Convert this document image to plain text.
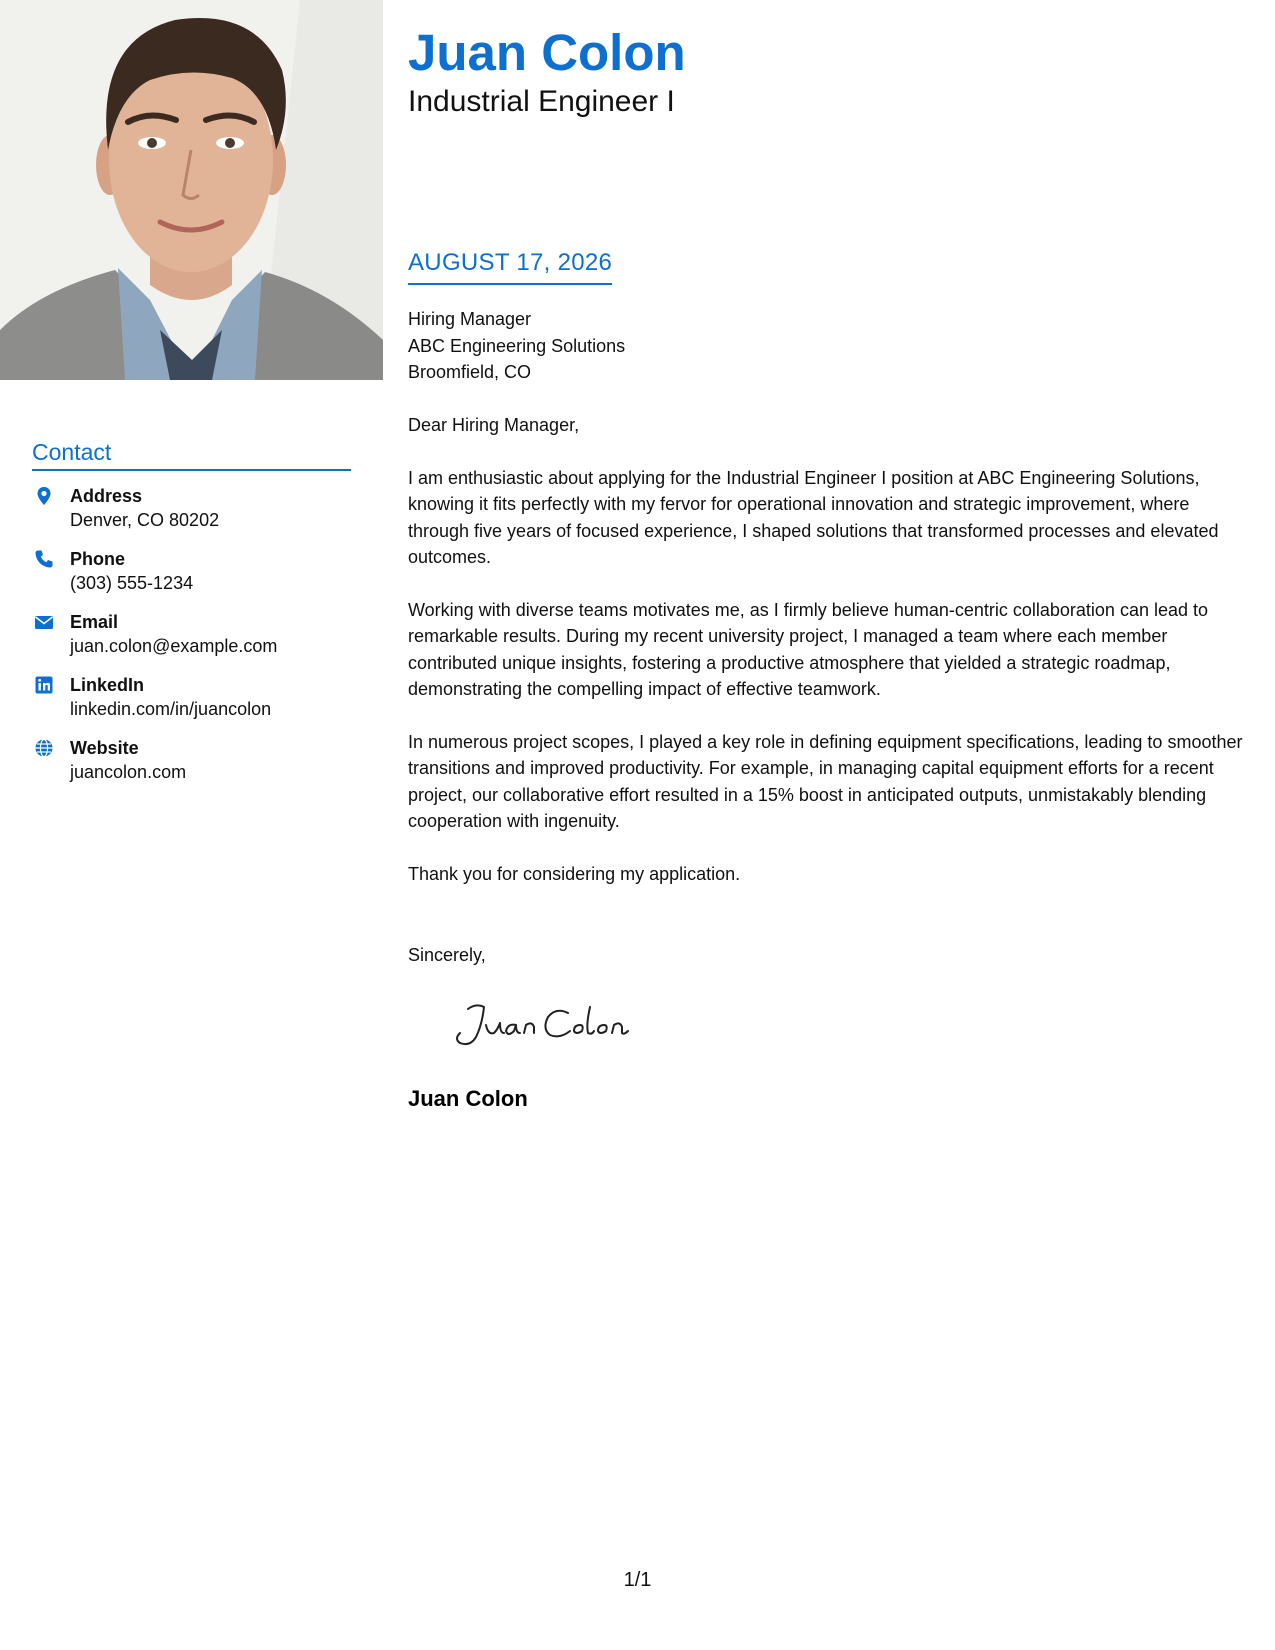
Juan Colon
Industrial Engineer I
AUGUST 17, 2026
Hiring Manager
ABC Engineering Solutions
Broomfield, CO

Dear Hiring Manager,

I am enthusiastic about applying for the Industrial Engineer I position at ABC Engineering Solutions, knowing it fits perfectly with my fervor for operational innovation and strategic improvement, where through five years of focused experience, I shaped solutions that transformed processes and elevated outcomes.

Working with diverse teams motivates me, as I firmly believe human-centric collaboration can lead to remarkable results. During my recent university project, I managed a team where each member contributed unique insights, fostering a productive atmosphere that yielded a strategic roadmap, demonstrating the compelling impact of effective teamwork.

In numerous project scopes, I played a key role in defining equipment specifications, leading to smoother transitions and improved productivity. For example, in managing capital equipment efforts for a recent project, our collaborative effort resulted in a 15% boost in anticipated outputs, unmistakably blending cooperation with ingenuity.

Thank you for considering my application.

Sincerely,
Juan Colon
Contact
Address
Denver, CO 80202
Phone
(303) 555-1234
Email
juan.colon@example.com
LinkedIn
linkedin.com/in/juancolon
Website
juancolon.com
1/1
